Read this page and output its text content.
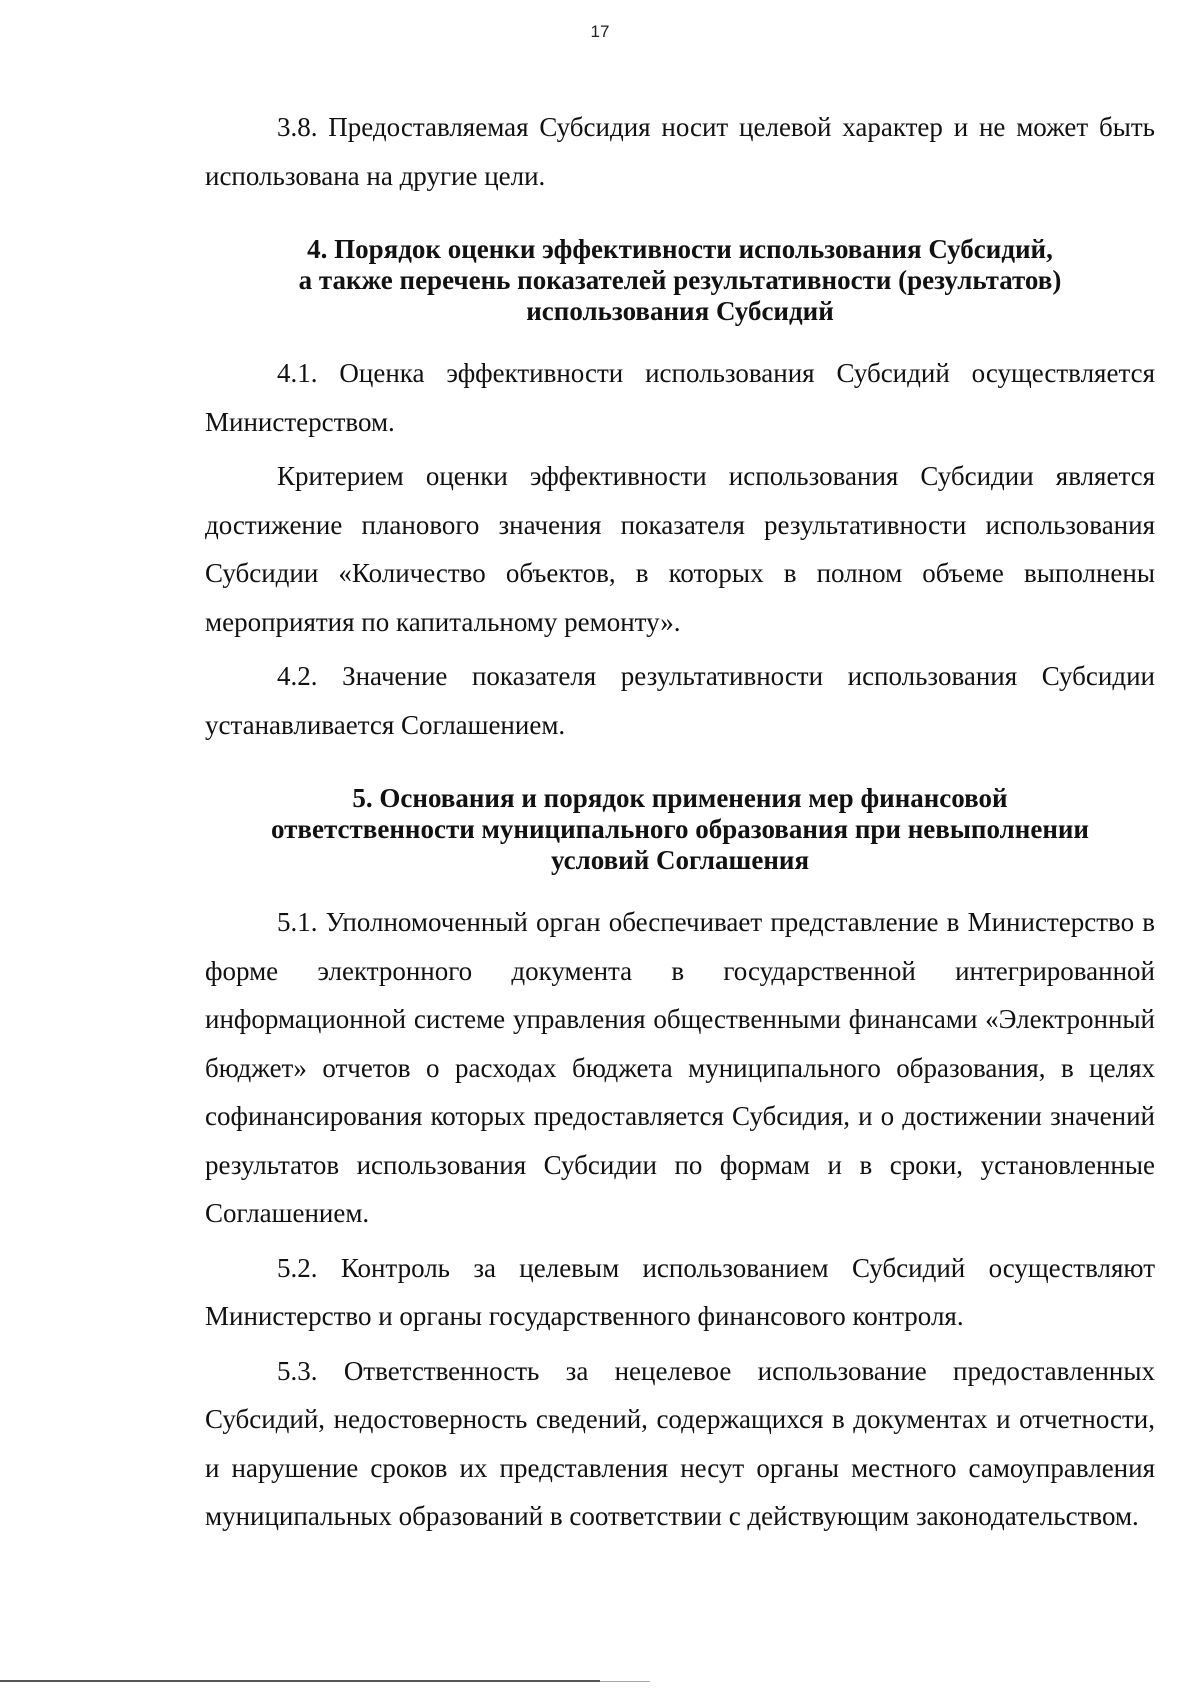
17

3.8. Предоставляемая Субсидия носит целевой характер и не может быть использована на другие цели.

4. Порядок оценки эффективности использования Субсидий,
а также перечень показателей результативности (результатов)
использования Субсидий

4.1. Оценка эффективности использования Субсидий осуществляется Министерством.

Критерием оценки эффективности использования Субсидии является достижение планового значения показателя результативности использования Субсидии «Количество объектов, в которых в полном объеме выполнены мероприятия по капитальному ремонту».

4.2. Значение показателя результативности использования Субсидии устанавливается Соглашением.

5. Основания и порядок применения мер финансовой
ответственности муниципального образования при невыполнении
условий Соглашения

5.1. Уполномоченный орган обеспечивает представление в Министерство в форме электронного документа в государственной интегрированной информационной системе управления общественными финансами «Электронный бюджет» отчетов о расходах бюджета муниципального образования, в целях софинансирования которых предоставляется Субсидия, и о достижении значений результатов использования Субсидии по формам и в сроки, установленные Соглашением.

5.2. Контроль за целевым использованием Субсидий осуществляют Министерство и органы государственного финансового контроля.

5.3. Ответственность за нецелевое использование предоставленных Субсидий, недостоверность сведений, содержащихся в документах и отчетности, и нарушение сроков их представления несут органы местного самоуправления муниципальных образований в соответствии с действующим законодательством.
